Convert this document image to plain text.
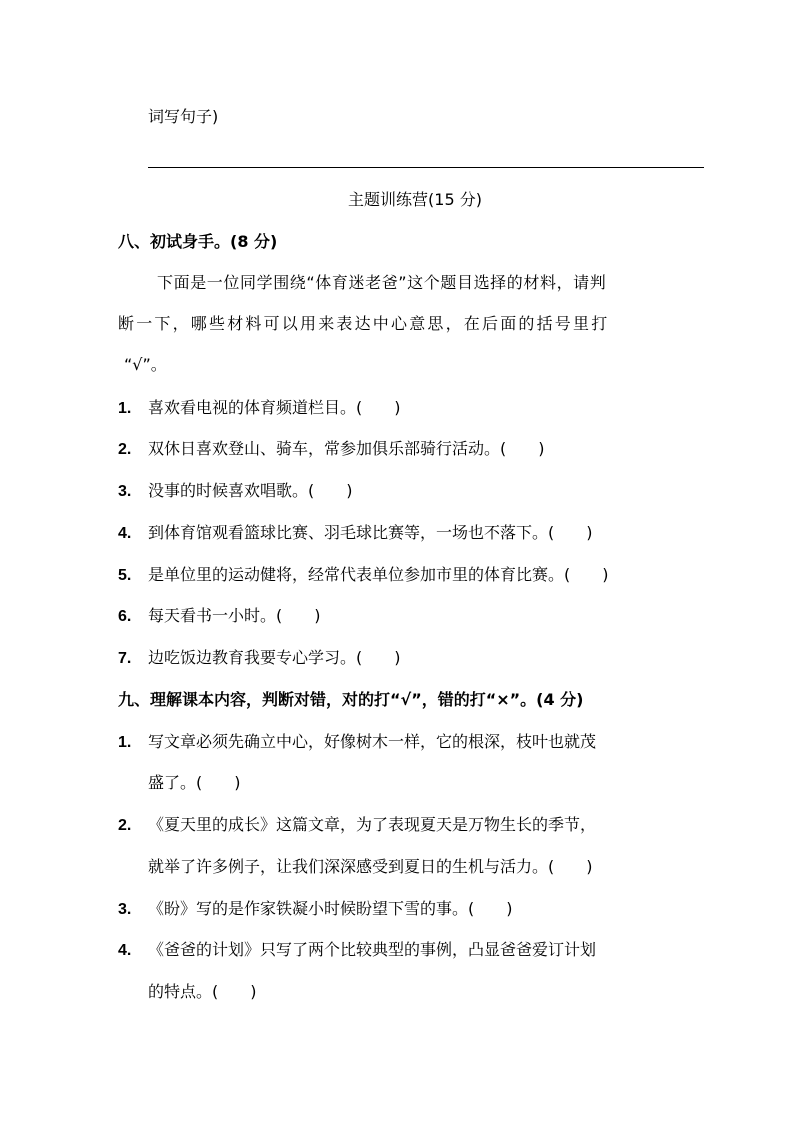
词写句子)
主题训练营(15 分)
八、初试身手。(8 分)
下面是一位同学围绕“体育迷老爸”这个题目选择的材料，请判
断一下，哪些材料可以用来表达中心意思，在后面的括号里打
“√”。
1. 喜欢看电视的体育频道栏目。(　　)
2. 双休日喜欢登山、骑车，常参加俱乐部骑行活动。(　　)
3. 没事的时候喜欢唱歌。(　　)
4. 到体育馆观看篮球比赛、羽毛球比赛等，一场也不落下。(　　)
5. 是单位里的运动健将，经常代表单位参加市里的体育比赛。(　　)
6. 每天看书一小时。(　　)
7. 边吃饭边教育我要专心学习。(　　)
九、理解课本内容，判断对错，对的打“√”，错的打“×”。(4 分)
1. 写文章必须先确立中心，好像树木一样，它的根深，枝叶也就茂
盛了。(　　)
2. 《夏天里的成长》这篇文章，为了表现夏天是万物生长的季节，
就举了许多例子，让我们深深感受到夏日的生机与活力。(　　)
3. 《盼》写的是作家铁凝小时候盼望下雪的事。(　　)
4. 《爸爸的计划》只写了两个比较典型的事例，凸显爸爸爱订计划
的特点。(　　)
